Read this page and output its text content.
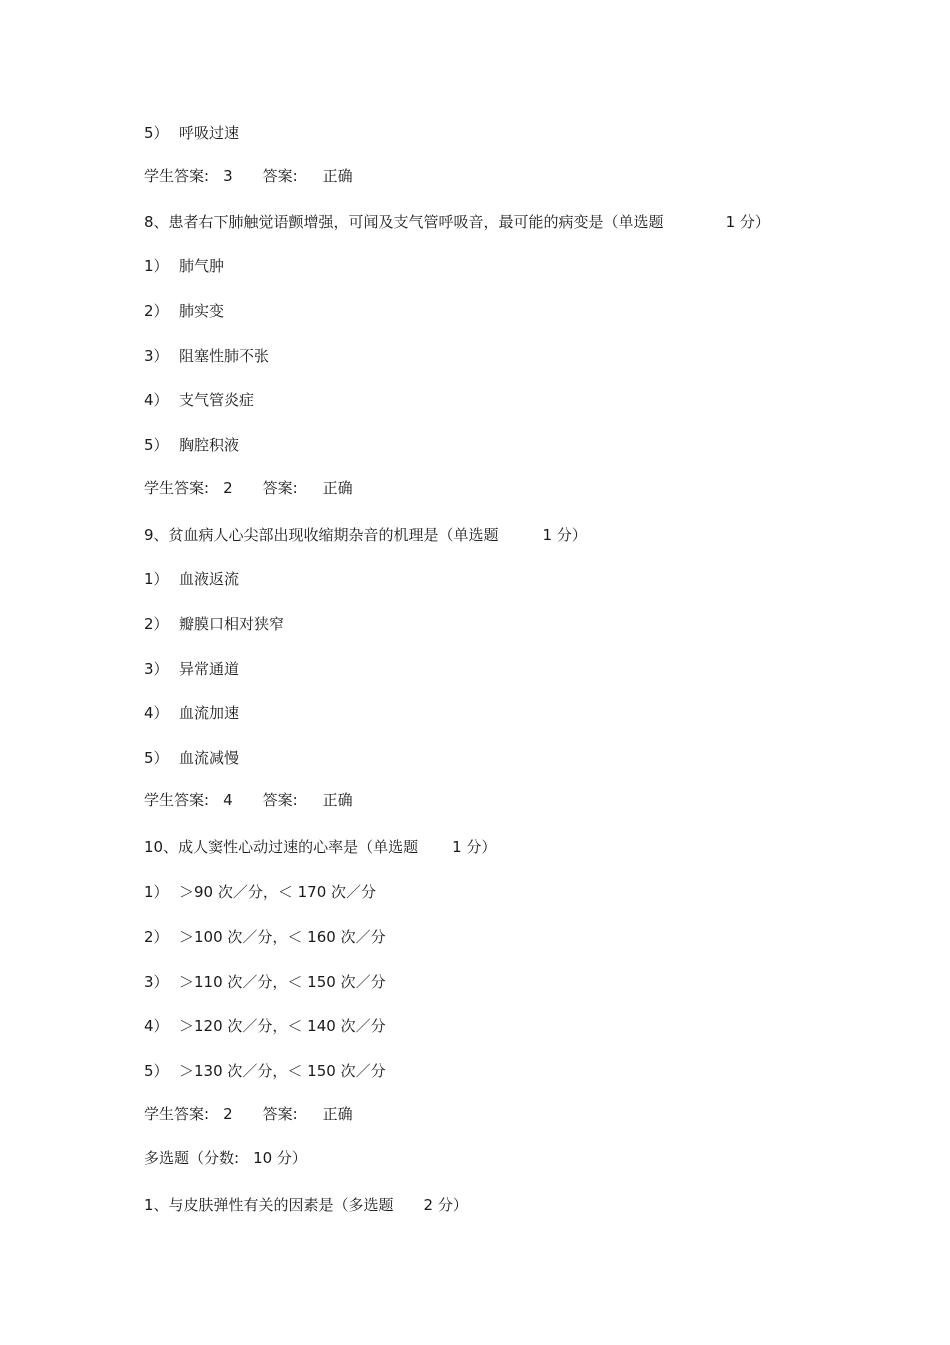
5） 呼吸过速
学生答案: 3 答案: 正确
8、患者右下肺触觉语颤增强，可闻及支气管呼吸音，最可能的病变是（单选题	1 分）
1） 肺气肿
2） 肺实变
3） 阻塞性肺不张
4） 支气管炎症
5） 胸腔积液
学生答案: 2 答案: 正确
9、贫血病人心尖部出现收缩期杂音的机理是（单选题	1 分）
1） 血液返流
2） 瓣膜口相对狭窄
3） 异常通道
4） 血流加速
5） 血流减慢
学生答案: 4 答案: 正确
10、成人窦性心动过速的心率是（单选题 1 分）
1） ＞90 次／分，＜ 170 次／分
2） ＞100 次／分，＜ 160 次／分
3） ＞110 次／分，＜ 150 次／分
4） ＞120 次／分，＜ 140 次／分
5） ＞130 次／分，＜ 150 次／分
学生答案: 2 答案: 正确
多选题（分数: 10 分）
1、与皮肤弹性有关的因素是（多选题 2 分）
